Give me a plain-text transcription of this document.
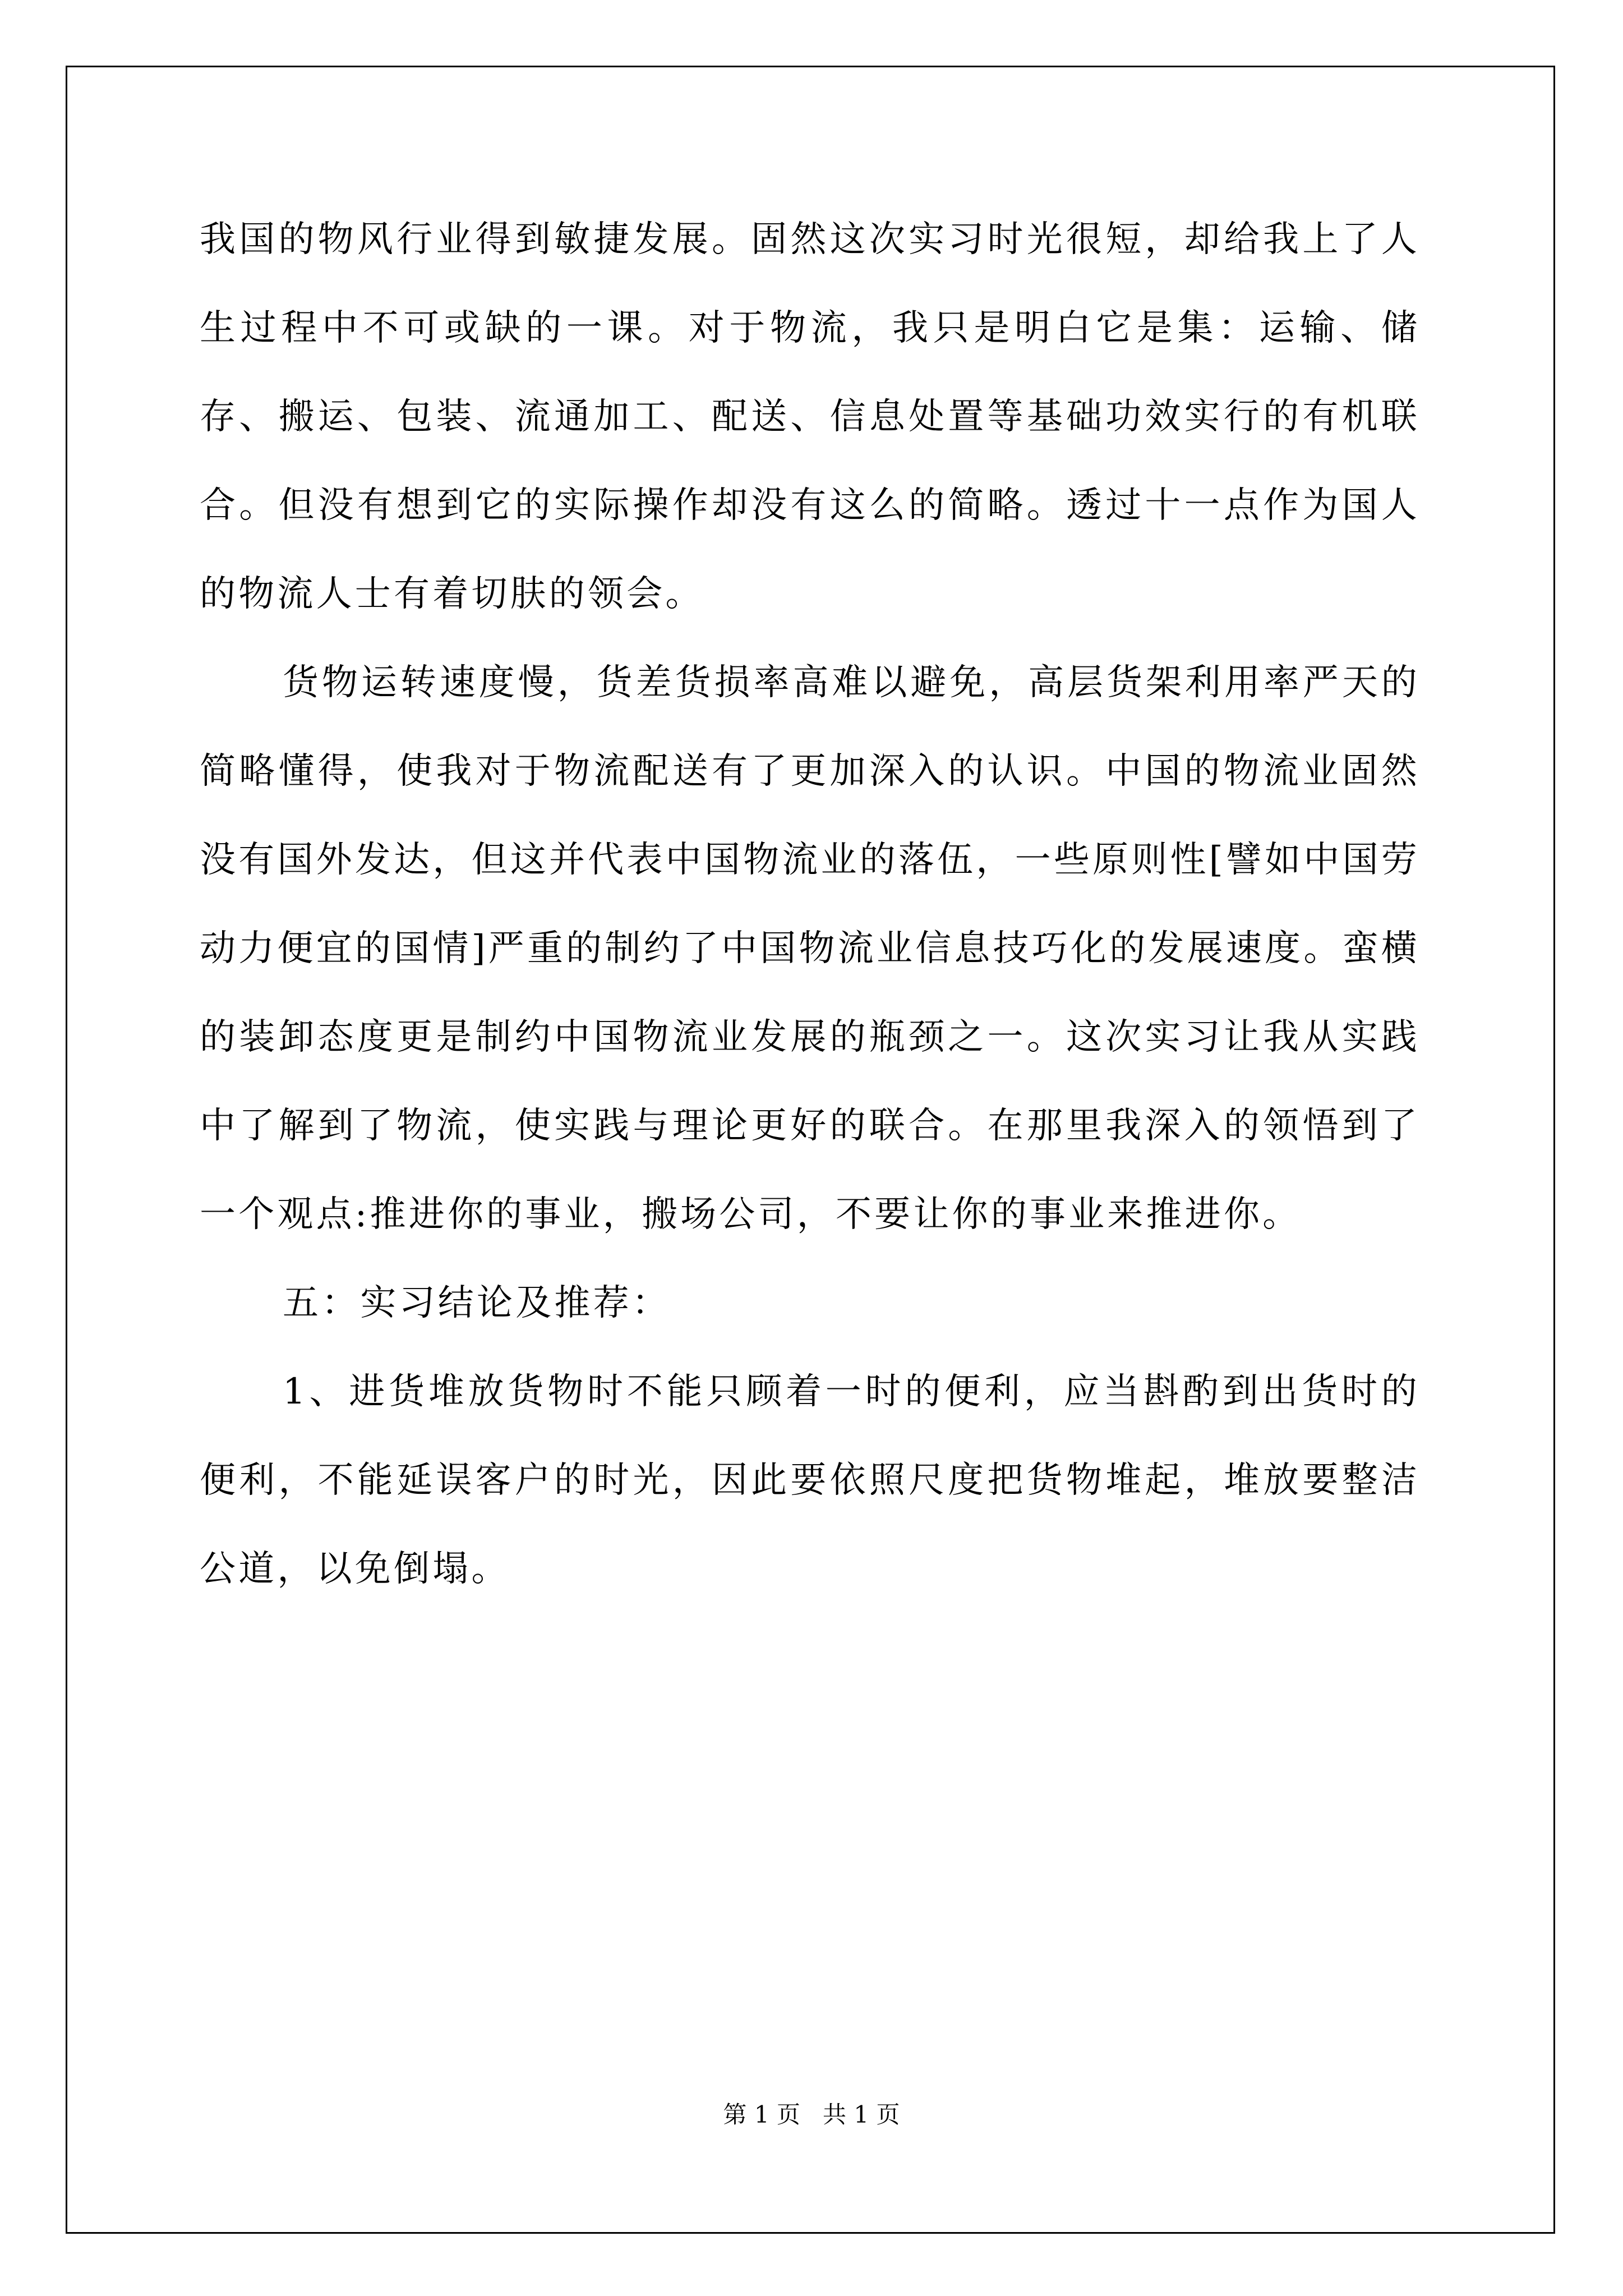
我国的物风行业得到敏捷发展。固然这次实习时光很短，却给我上了人生过程中不可或缺的一课。对于物流，我只是明白它是集：运输、储存、搬运、包装、流通加工、配送、信息处置等基础功效实行的有机联合。但没有想到它的实际操作却没有这么的简略。透过十一点作为国人的物流人士有着切肤的领会。

货物运转速度慢，货差货损率高难以避免，高层货架利用率严天的简略懂得，使我对于物流配送有了更加深入的认识。中国的物流业固然没有国外发达，但这并代表中国物流业的落伍，一些原则性[譬如中国劳动力便宜的国情]严重的制约了中国物流业信息技巧化的发展速度。蛮横的装卸态度更是制约中国物流业发展的瓶颈之一。这次实习让我从实践中了解到了物流，使实践与理论更好的联合。在那里我深入的领悟到了一个观点:推进你的事业，搬场公司，不要让你的事业来推进你。

五：实习结论及推荐：

1、进货堆放货物时不能只顾着一时的便利，应当斟酌到出货时的便利，不能延误客户的时光，因此要依照尺度把货物堆起，堆放要整洁公道，以免倒塌。

第 1 页   共 1 页
